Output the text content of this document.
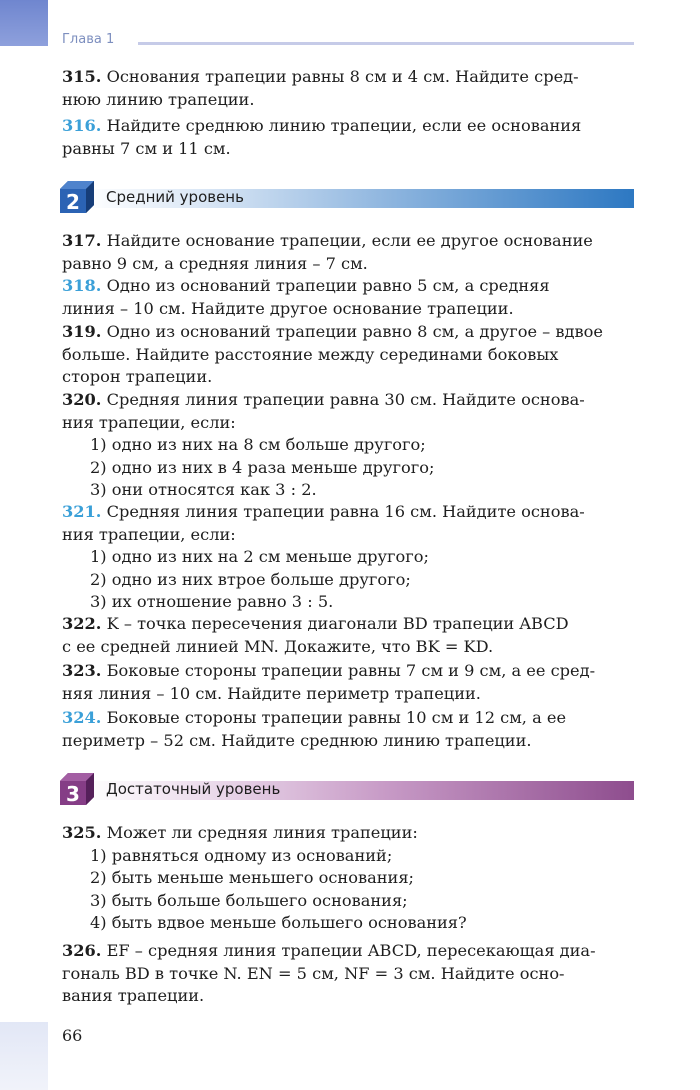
Глава 1
315. Основания трапеции равны 8 см и 4 см. Найдите сред-
нюю линию трапеции.
316. Найдите среднюю линию трапеции, если ее основания
равны 7 см и 11 см.
2 Средний уровень
317. Найдите основание трапеции, если ее другое основание
равно 9 см, а средняя линия – 7 см.
318. Одно из оснований трапеции равно 5 см, а средняя
линия – 10 см. Найдите другое основание трапеции.
319. Одно из оснований трапеции равно 8 см, а другое – вдвое
больше. Найдите расстояние между серединами боковых
сторон трапеции.
320. Средняя линия трапеции равна 30 см. Найдите основа-
ния трапеции, если:
1) одно из них на 8 см больше другого;
2) одно из них в 4 раза меньше другого;
3) они относятся как 3 : 2.
321. Средняя линия трапеции равна 16 см. Найдите основа-
ния трапеции, если:
1) одно из них на 2 см меньше другого;
2) одно из них втрое больше другого;
3) их отношение равно 3 : 5.
322. K – точка пересечения диагонали BD трапеции ABCD
с ее средней линией MN. Докажите, что BK = KD.
323. Боковые стороны трапеции равны 7 см и 9 см, а ее сред-
няя линия – 10 см. Найдите периметр трапеции.
324. Боковые стороны трапеции равны 10 см и 12 см, а ее
периметр – 52 см. Найдите среднюю линию трапеции.
3 Достаточный уровень
325. Может ли средняя линия трапеции:
1) равняться одному из оснований;
2) быть меньше меньшего основания;
3) быть больше большего основания;
4) быть вдвое меньше большего основания?
326. EF – средняя линия трапеции ABCD, пересекающая диа-
гональ BD в точке N. EN = 5 см, NF = 3 см. Найдите осно-
вания трапеции.
66
